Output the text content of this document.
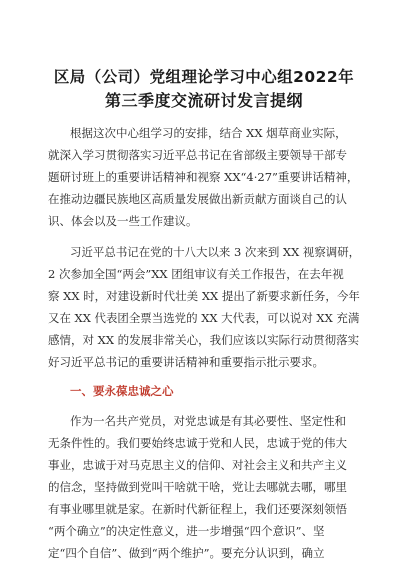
区局（公司）党组理论学习中心组2022年
第三季度交流研讨发言提纲
根据这次中心组学习的安排，结合 XX 烟草商业实际，
就深入学习贯彻落实习近平总书记在省部级主要领导干部专
题研讨班上的重要讲话精神和视察 XX“4·27”重要讲话精神，
在推动边疆民族地区高质量发展做出新贡献方面谈自己的认
识、体会以及一些工作建议。
习近平总书记在党的十八大以来 3 次来到 XX 视察调研，
2 次参加全国“两会”XX 团组审议有关工作报告，在去年视
察 XX 时，对建设新时代壮美 XX 提出了新要求新任务，今年
又在 XX 代表团全票当选党的 XX 大代表，可以说对 XX 充满
感情，对 XX 的发展非常关心，我们应该以实际行动贯彻落实
好习近平总书记的重要讲话精神和重要指示批示要求。
一、要永葆忠诚之心
作为一名共产党员，对党忠诚是有其必要性、坚定性和
无条件性的。我们要始终忠诚于党和人民，忠诚于党的伟大
事业，忠诚于对马克思主义的信仰、对社会主义和共产主义
的信念，坚持做到党叫干啥就干啥，党让去哪就去哪，哪里
有事业哪里就是家。在新时代新征程上，我们还要深刻领悟
“两个确立”的决定性意义，进一步增强“四个意识”、坚
定“四个自信”、做到“两个维护”。要充分认识到，确立
